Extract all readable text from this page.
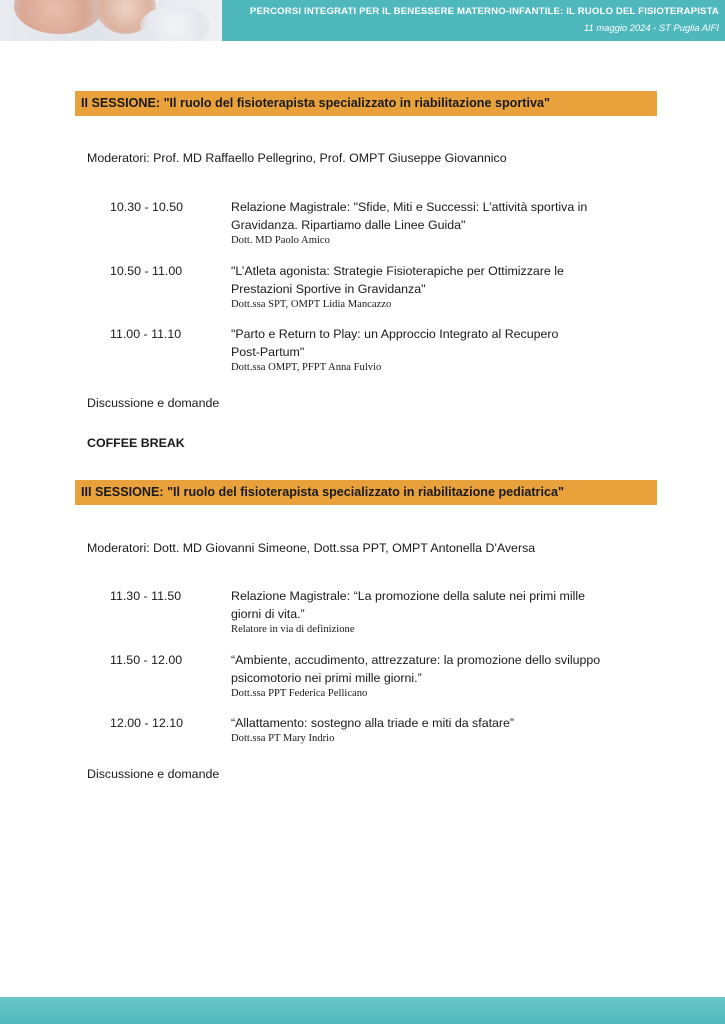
PERCORSI INTEGRATI PER IL BENESSERE MATERNO-INFANTILE: IL RUOLO DEL FISIOTERAPISTA
11 maggio 2024 - ST Puglia AIFI
II SESSIONE: "Il ruolo del fisioterapista specializzato in riabilitazione sportiva"
Moderatori: Prof. MD Raffaello Pellegrino, Prof. OMPT Giuseppe Giovannico
10.30 - 10.50	Relazione Magistrale: "Sfide, Miti e Successi: L’attività sportiva in
Gravidanza. Ripartiamo dalle Linee Guida"
Dott. MD Paolo Amico
10.50 - 11.00	"L’Atleta agonista: Strategie Fisioterapiche per Ottimizzare le
Prestazioni Sportive in Gravidanza"
Dott.ssa SPT, OMPT Lidia Mancazzo
11.00 - 11.10	"Parto e Return to Play: un Approccio Integrato al Recupero
Post-Partum"
Dott.ssa OMPT, PFPT Anna Fulvio
Discussione e domande
COFFEE BREAK
III SESSIONE: "Il ruolo del fisioterapista specializzato in riabilitazione pediatrica"
Moderatori: Dott. MD Giovanni Simeone, Dott.ssa PPT, OMPT Antonella D'Aversa
11.30 - 11.50	Relazione Magistrale: “La promozione della salute nei primi mille
giorni di vita.”
Relatore in via di definizione
11.50 - 12.00	“Ambiente, accudimento, attrezzature: la promozione dello sviluppo
psicomotorio nei primi mille giorni.”
Dott.ssa PPT Federica Pellicano
12.00 - 12.10	“Allattamento: sostegno alla triade e miti da sfatare”
Dott.ssa PT Mary Indrio
Discussione e domande
